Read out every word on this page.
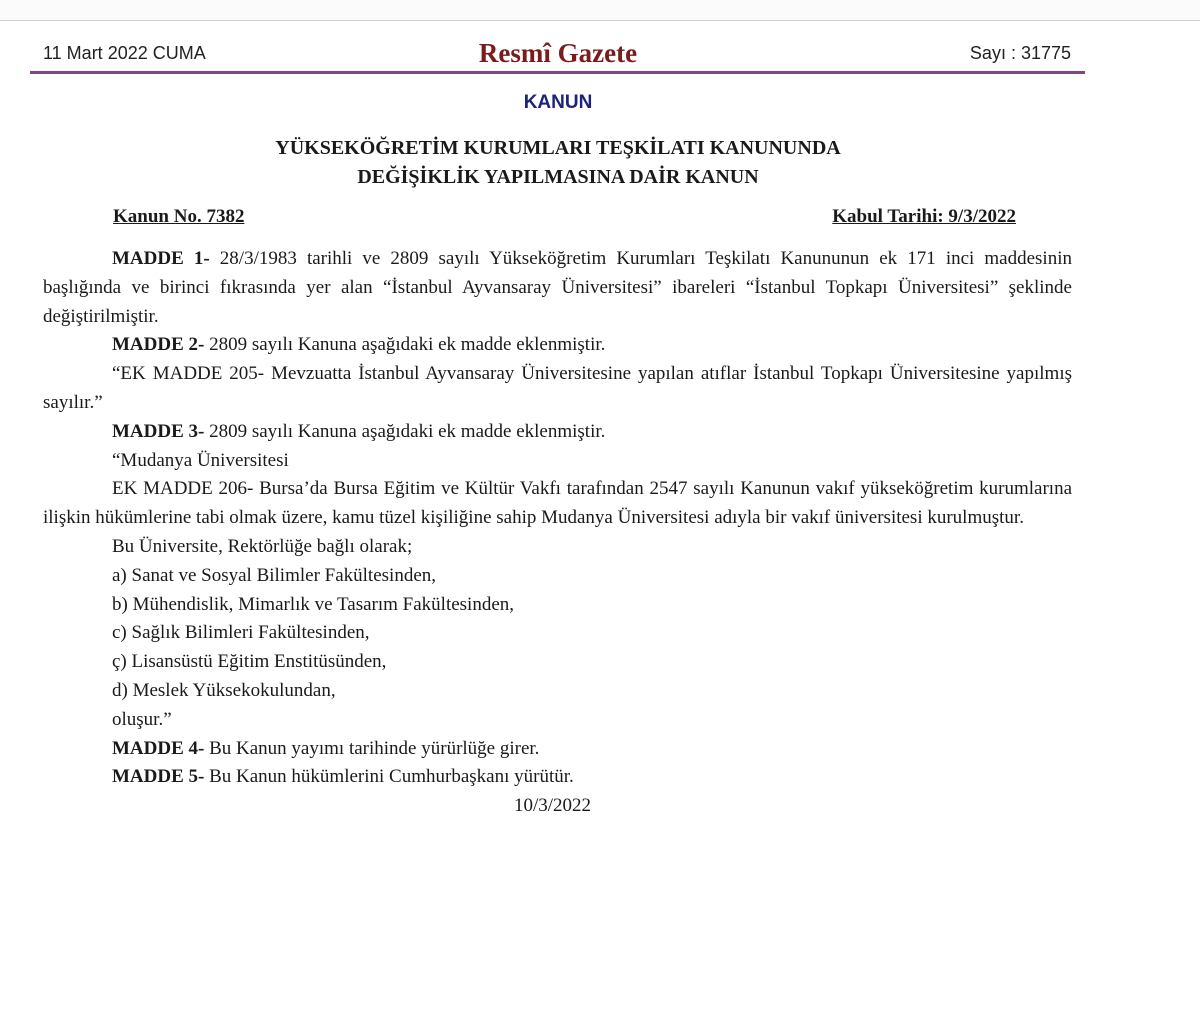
11 Mart 2022 CUMA	Resmî Gazete	Sayı : 31775
KANUN
YÜKSEKÖĞRETİM KURUMLARI TEŞKİLATI KANUNUNDA
DEĞİŞİKLİK YAPILMASINA DAİR KANUN
Kanun No. 7382	Kabul Tarihi: 9/3/2022

MADDE 1- 28/3/1983 tarihli ve 2809 sayılı Yükseköğretim Kurumları Teşkilatı Kanununun ek 171 inci maddesinin başlığında ve birinci fıkrasında yer alan “İstanbul Ayvansaray Üniversitesi” ibareleri “İstanbul Topkapı Üniversitesi” şeklinde değiştirilmiştir.

MADDE 2- 2809 sayılı Kanuna aşağıdaki ek madde eklenmiştir.

“EK MADDE 205- Mevzuatta İstanbul Ayvansaray Üniversitesine yapılan atıflar İstanbul Topkapı Üniversitesine yapılmış sayılır.”

MADDE 3- 2809 sayılı Kanuna aşağıdaki ek madde eklenmiştir.

“Mudanya Üniversitesi

EK MADDE 206- Bursa’da Bursa Eğitim ve Kültür Vakfı tarafından 2547 sayılı Kanunun vakıf yükseköğretim kurumlarına ilişkin hükümlerine tabi olmak üzere, kamu tüzel kişiliğine sahip Mudanya Üniversitesi adıyla bir vakıf üniversitesi kurulmuştur.

Bu Üniversite, Rektörlüğe bağlı olarak;

a) Sanat ve Sosyal Bilimler Fakültesinden,

b) Mühendislik, Mimarlık ve Tasarım Fakültesinden,

c) Sağlık Bilimleri Fakültesinden,

ç) Lisansüstü Eğitim Enstitüsünden,

d) Meslek Yüksekokulundan,

oluşur.”

MADDE 4- Bu Kanun yayımı tarihinde yürürlüğe girer.

MADDE 5- Bu Kanun hükümlerini Cumhurbaşkanı yürütür.

10/3/2022
